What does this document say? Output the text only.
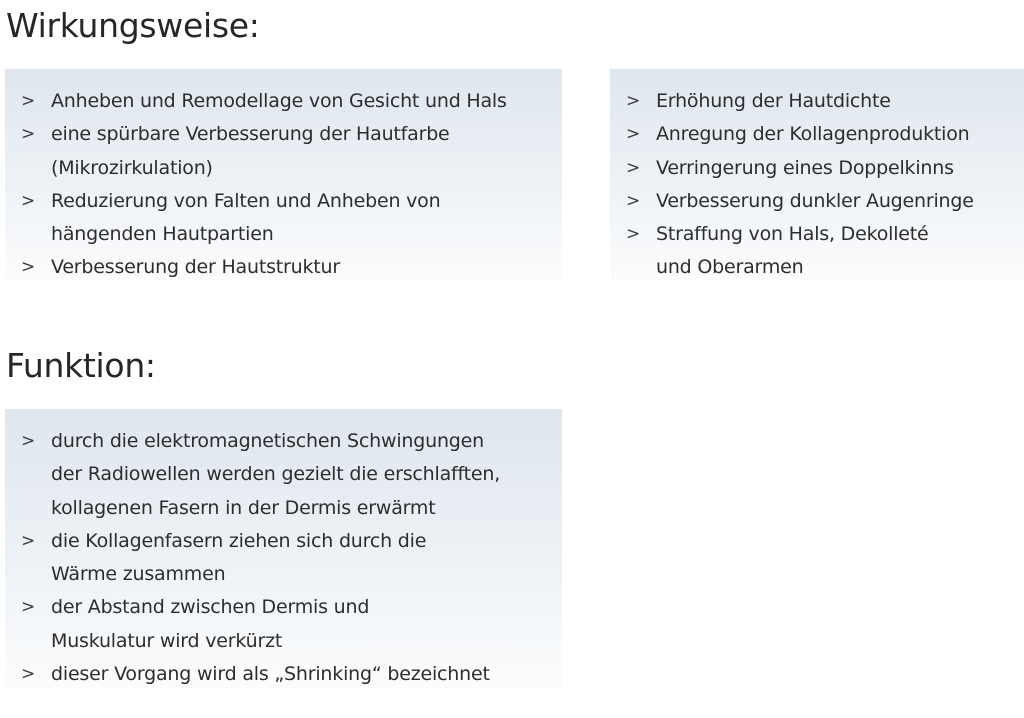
Wirkungsweise:
> Anheben und Remodellage von Gesicht und Hals
> eine spürbare Verbesserung der Hautfarbe
(Mikrozirkulation)
> Reduzierung von Falten und Anheben von
hängenden Hautpartien
> Verbesserung der Hautstruktur
> Erhöhung der Hautdichte
> Anregung der Kollagenproduktion
> Verringerung eines Doppelkinns
> Verbesserung dunkler Augenringe
> Straffung von Hals, Dekolleté
und Oberarmen
Funktion:
> durch die elektromagnetischen Schwingungen
der Radiowellen werden gezielt die erschlafften,
kollagenen Fasern in der Dermis erwärmt
> die Kollagenfasern ziehen sich durch die
Wärme zusammen
> der Abstand zwischen Dermis und
Muskulatur wird verkürzt
> dieser Vorgang wird als „Shrinking“ bezeichnet
